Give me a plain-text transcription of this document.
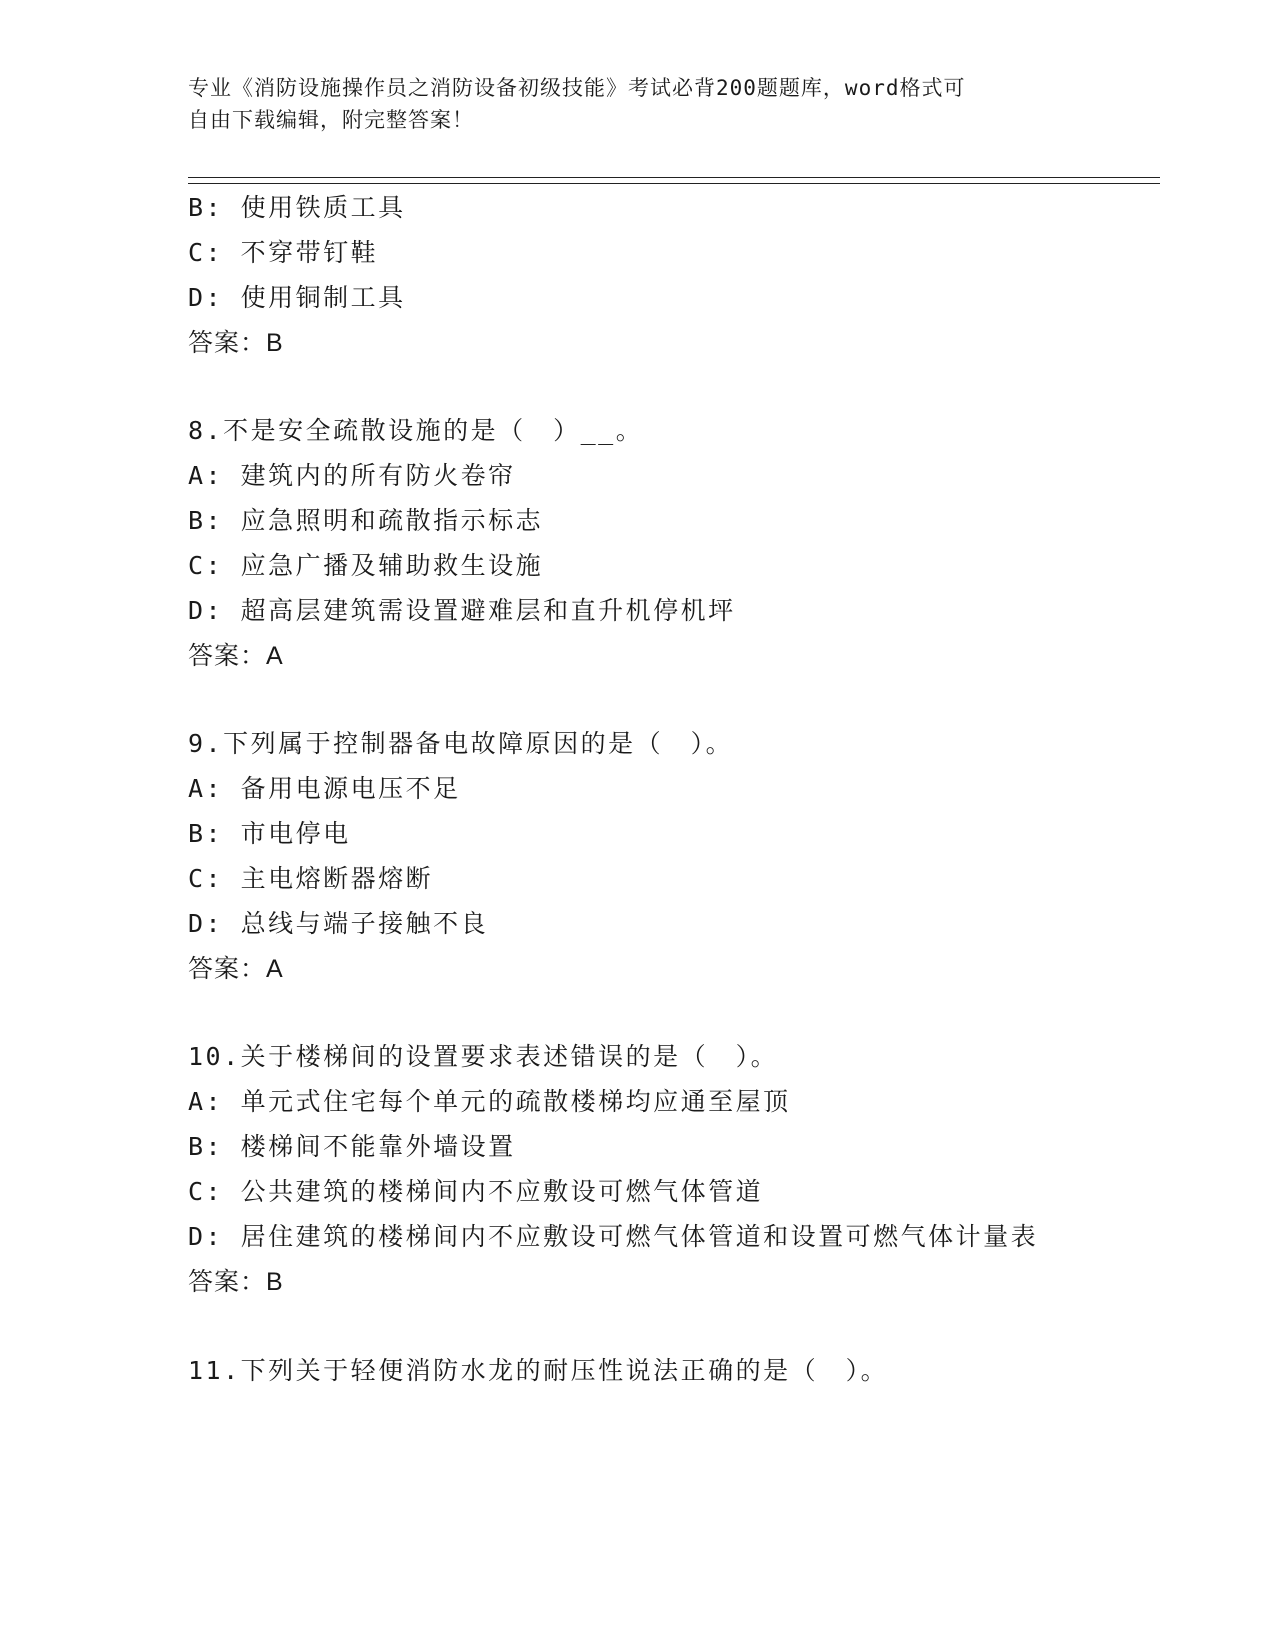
专业《消防设施操作员之消防设备初级技能》考试必背200题题库，word格式可
自由下载编辑，附完整答案！
B: 使用铁质工具
C: 不穿带钉鞋
D: 使用铜制工具
答案：B
8.不是安全疏散设施的是（　）__。
A: 建筑内的所有防火卷帘
B: 应急照明和疏散指示标志
C: 应急广播及辅助救生设施
D: 超高层建筑需设置避难层和直升机停机坪
答案：A
9.下列属于控制器备电故障原因的是（　）。
A: 备用电源电压不足
B: 市电停电
C: 主电熔断器熔断
D: 总线与端子接触不良
答案：A
10.关于楼梯间的设置要求表述错误的是（　）。
A: 单元式住宅每个单元的疏散楼梯均应通至屋顶
B: 楼梯间不能靠外墙设置
C: 公共建筑的楼梯间内不应敷设可燃气体管道
D: 居住建筑的楼梯间内不应敷设可燃气体管道和设置可燃气体计量表
答案：B
11.下列关于轻便消防水龙的耐压性说法正确的是（　）。
